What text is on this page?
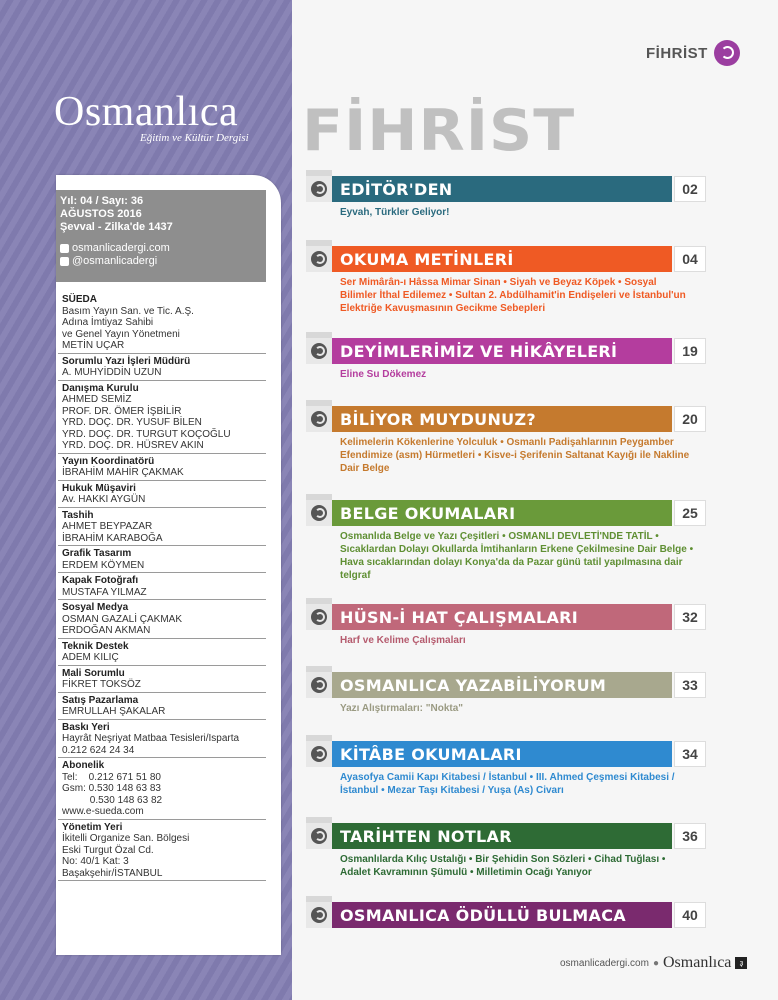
Osmanlıca
Eğitim ve Kültür Dergisi
Yıl: 04 / Sayı: 36
AĞUSTOS 2016
Şevval - Zilka'de 1437
osmanlicadergi.com
@osmanlicadergi
SÜEDA
Basım Yayın San. ve Tic. A.Ş.
Adına İmtiyaz Sahibi
ve Genel Yayın Yönetmeni
METİN UÇAR
Sorumlu Yazı İşleri Müdürü
A. MUHYİDDİN UZUN
Danışma Kurulu
AHMED SEMİZ
PROF. DR. ÖMER İŞBİLİR
YRD. DOÇ. DR. YUSUF BİLEN
YRD. DOÇ. DR. TURGUT KOÇOĞLU
YRD. DOÇ. DR. HÜSREV AKIN
Yayın Koordinatörü
İBRAHİM MAHİR ÇAKMAK
Hukuk Müşaviri
Av. HAKKI AYGÜN
Tashih
AHMET BEYPAZAR
İBRAHİM KARABOĞA
Grafik Tasarım
ERDEM KÖYMEN
Kapak Fotoğrafı
MUSTAFA YILMAZ
Sosyal Medya
OSMAN GAZALİ ÇAKMAK
ERDOĞAN AKMAN
Teknik Destek
ADEM KILIÇ
Mali Sorumlu
FİKRET TOKSÖZ
Satış Pazarlama
EMRULLAH ŞAKALAR
Baskı Yeri
Hayrât Neşriyat Matbaa Tesisleri/Isparta
0.212 624 24 34
Abonelik
Tel:    0.212 671 51 80
Gsm: 0.530 148 63 83
0.530 148 63 82
www.e-sueda.com
Yönetim Yeri
İkitelli Organize San. Bölgesi
Eski Turgut Özal Cd.
No: 40/1 Kat: 3
Başakşehir/İSTANBUL
FİHRİST
FİHRİST
EDİTÖR'DEN	02
Eyvah, Türkler Geliyor!
OKUMA METİNLERİ	04
Ser Mimârân-ı Hâssa Mimar Sinan • Siyah ve Beyaz Köpek • Sosyal Bilimler İthal Edilemez • Sultan 2. Abdülhamit'in Endişeleri ve İstanbul'un Elektriğe Kavuşmasının Gecikme Sebepleri
DEYİMLERİMİZ VE HİKÂYELERİ	19
Eline Su Dökemez
BİLİYOR MUYDUNUZ?	20
Kelimelerin Kökenlerine Yolculuk • Osmanlı Padişahlarının Peygamber Efendimize (asm) Hürmetleri • Kisve-i Şerifenin Saltanat Kayığı ile Nakline Dair Belge
BELGE OKUMALARI	25
Osmanlıda Belge ve Yazı Çeşitleri • OSMANLI DEVLETİ'NDE TATİL • Sıcaklardan Dolayı Okullarda İmtihanların Erkene Çekilmesine Dair Belge • Hava sıcaklarından dolayı Konya'da da Pazar günü tatil yapılmasına dair telgraf
HÜSN-İ HAT ÇALIŞMALARI	32
Harf ve Kelime Çalışmaları
OSMANLICA YAZABİLİYORUM	33
Yazı Alıştırmaları: "Nokta"
KİTÂBE OKUMALARI	34
Ayasofya Camii Kapı Kitabesi / İstanbul • III. Ahmed Çeşmesi Kitabesi / İstanbul • Mezar Taşı Kitabesi / Yuşa (As) Civarı
TARİHTEN NOTLAR	36
Osmanlılarda Kılıç Ustalığı • Bir Şehidin Son Sözleri • Cihad Tuğlası • Adalet Kavramının Şümulü • Milletimin Ocağı Yanıyor
OSMANLICA ÖDÜLLÜ BULMACA	40
osmanlicadergi.com ● Osmanlıca ३
